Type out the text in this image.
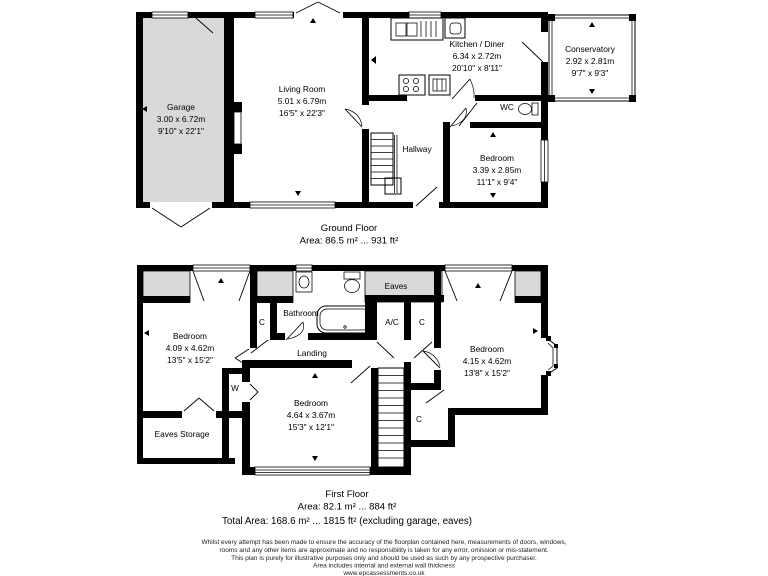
Garage
3.00 x 6.72m
9'10" x 22'1"
Living Room
5.01 x 6.79m
16'5" x 22'3"
Kitchen / Diner
6.34 x 2.72m
20'10" x 8'11"
Conservatory
2.92 x 2.81m
9'7" x 9'3"
WC
Hallway
Bedroom
3.39 x 2.85m
11'1" x 9'4"
Ground Floor
Area: 86.5 m² ... 931 ft²
Eaves
Bedroom
4.09 x 4.62m
13'5" x 15'2"
Bathroom
Landing
C	A/C C
C
W
Bedroom
4.15 x 4.62m
13'8" x 15'2"
Bedroom
4.64 x 3.67m
15'3" x 12'1"
Eaves Storage
First Floor
Area: 82.1 m² ... 884 ft²
Total Area: 168.6 m² ... 1815 ft² (excluding garage, eaves)
Whilst every attempt has been made to ensure the accuracy of the floorplan contained here, measurements of doors, windows,
rooms and any other items are approximate and no responsibility is taken for any error, omission or mis-statement.
This plan is purely for illustrative purposes only and should be used as such by any prospective purchaser.
Area includes internal and external wall thickness
www.epcassessments.co.uk
